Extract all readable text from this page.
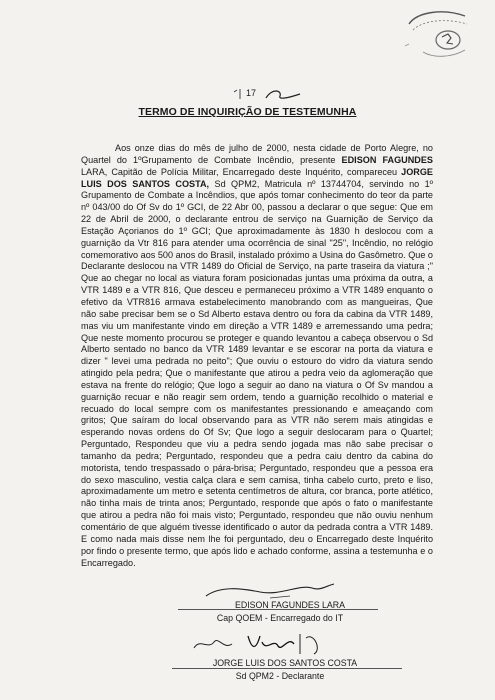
17
TERMO DE INQUIRIÇÃO DE TESTEMUNHA
Aos onze dias do mês de julho de 2000, nesta cidade de Porto Alegre, no Quartel do 1ºGrupamento de Combate Incêndio, presente EDISON FAGUNDES LARA, Capitão de Polícia Militar, Encarregado deste Inquérito, compareceu JORGE LUIS DOS SANTOS COSTA, Sd QPM2, Matricula nº 13744704, servindo no 1º Grupamento de Combate a Incêndios, que após tomar conhecimento do teor da parte nº 043/00 do Of Sv do 1º GCI, de 22 Abr 00, passou a declarar o que segue: Que em 22 de Abril de 2000, o declarante entrou de serviço na Guarnição de Serviço da Estação Açorianos do 1º GCI; Que aproximadamente às 1830 h deslocou com a guarnição da Vtr 816 para atender uma ocorrência de sinal "25", Incêndio, no relógio comemorativo aos 500 anos do Brasil, instalado próximo a Usina do Gasômetro. Que o Declarante deslocou na VTR 1489 do Oficial de Serviço, na parte traseira da viatura ;" Que ao chegar no local as viatura foram posicionadas juntas uma próxima da outra, a VTR 1489 e a VTR 816, Que desceu e permaneceu próximo a VTR 1489 enquanto o efetivo da VTR816 armava estabelecimento manobrando com as mangueiras, Que não sabe precisar bem se o Sd Alberto estava dentro ou fora da cabina da VTR 1489, mas viu um manifestante vindo em direção a VTR 1489 e arremessando uma pedra; Que neste momento procurou se proteger e quando levantou a cabeça observou o Sd Alberto sentado no banco da VTR 1489 levantar e se escorar na porta da viatura e dizer " levei uma pedrada no peito"; Que ouviu o estouro do vidro da viatura sendo atingido pela pedra; Que o manifestante que atirou a pedra veio da aglomeração que estava na frente do relógio; Que logo a seguir ao dano na viatura o Of Sv mandou a guarnição recuar e não reagir sem ordem, tendo a guarnição recolhido o material e recuado do local sempre com os manifestantes pressionando e ameaçando com gritos; Que saíram do local observando para as VTR não serem mais atingidas e esperando novas ordens do Of Sv; Que logo a seguir deslocaram para o Quartel; Perguntado, Respondeu que viu a pedra sendo jogada mas não sabe precisar o tamanho da pedra; Perguntado, respondeu que a pedra caiu dentro da cabina do motorista, tendo trespassado o pára-brisa; Perguntado, respondeu que a pessoa era do sexo masculino, vestia calça clara e sem camisa, tinha cabelo curto, preto e liso, aproximadamente um metro e setenta centímetros de altura, cor branca, porte atlético, não tinha mais de trinta anos; Perguntado, responde que após o fato o manifestante que atirou a pedra não foi mais visto; Perguntado, respondeu que não ouviu nenhum comentário de que alguém tivesse identificado o autor da pedrada contra a VTR 1489. E como nada mais disse nem lhe foi perguntado, deu o Encarregado deste Inquérito por findo o presente termo, que após lido e achado conforme, assina a testemunha e o Encarregado.
EDISON FAGUNDES LARA
Cap QOEM - Encarregado do IT
JORGE LUIS DOS SANTOS COSTA
Sd QPM2 - Declarante
